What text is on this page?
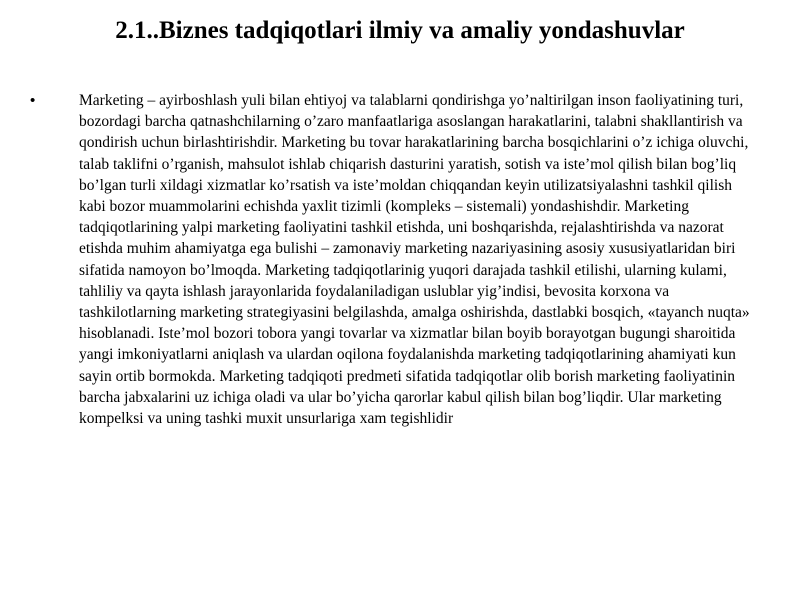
2.1..Biznes tadqiqotlari ilmiy va amaliy yondashuvlar
•	Marketing – ayirboshlash yuli bilan ehtiyoj va talablarni qondirishga yo’naltirilgan inson faoliyatining turi, bozordagi barcha qatnashchilarning o’zaro manfaatlariga asoslangan harakatlarini, talabni shakllantirish va qondirish uchun birlashtirishdir. Marketing bu tovar harakatlarining barcha bosqichlarini o’z ichiga oluvchi, talab taklifni o’rganish, mahsulot ishlab chiqarish dasturini yaratish, sotish va iste’mol qilish bilan bog’liq bo’lgan turli xildagi xizmatlar ko’rsatish va iste’moldan chiqqandan keyin utilizatsiyalashni tashkil qilish kabi bozor muammolarini echishda yaxlit tizimli (kompleks – sistemali) yondashishdir. Marketing tadqiqotlarining yalpi marketing faoliyatini tashkil etishda, uni boshqarishda, rejalashtirishda va nazorat etishda muhim ahamiyatga ega bulishi – zamonaviy marketing nazariyasining asosiy xususiyatlaridan biri sifatida namoyon bo’lmoqda. Marketing tadqiqotlarinig yuqori darajada tashkil etilishi, ularning kulami, tahliliy va qayta ishlash jarayonlarida foydalaniladigan uslublar yig’indisi, bevosita korxona va tashkilotlarning marketing strategiyasini belgilashda, amalga oshirishda, dastlabki bosqich, «tayanch nuqta» hisoblanadi. Iste’mol bozori tobora yangi tovarlar va xizmatlar bilan boyib borayotgan bugungi sharoitida yangi imkoniyatlarni aniqlash va ulardan oqilona foydalanishda marketing tadqiqotlarining ahamiyati kun sayin ortib bormokda. Marketing tadqiqoti predmeti sifatida tadqiqotlar olib borish marketing faoliyatinin barcha jabxalarini uz ichiga oladi va ular bo’yicha qarorlar kabul qilish bilan bog’liqdir. Ular marketing kompelksi va uning tashki muxit unsurlariga xam tegishlidir
